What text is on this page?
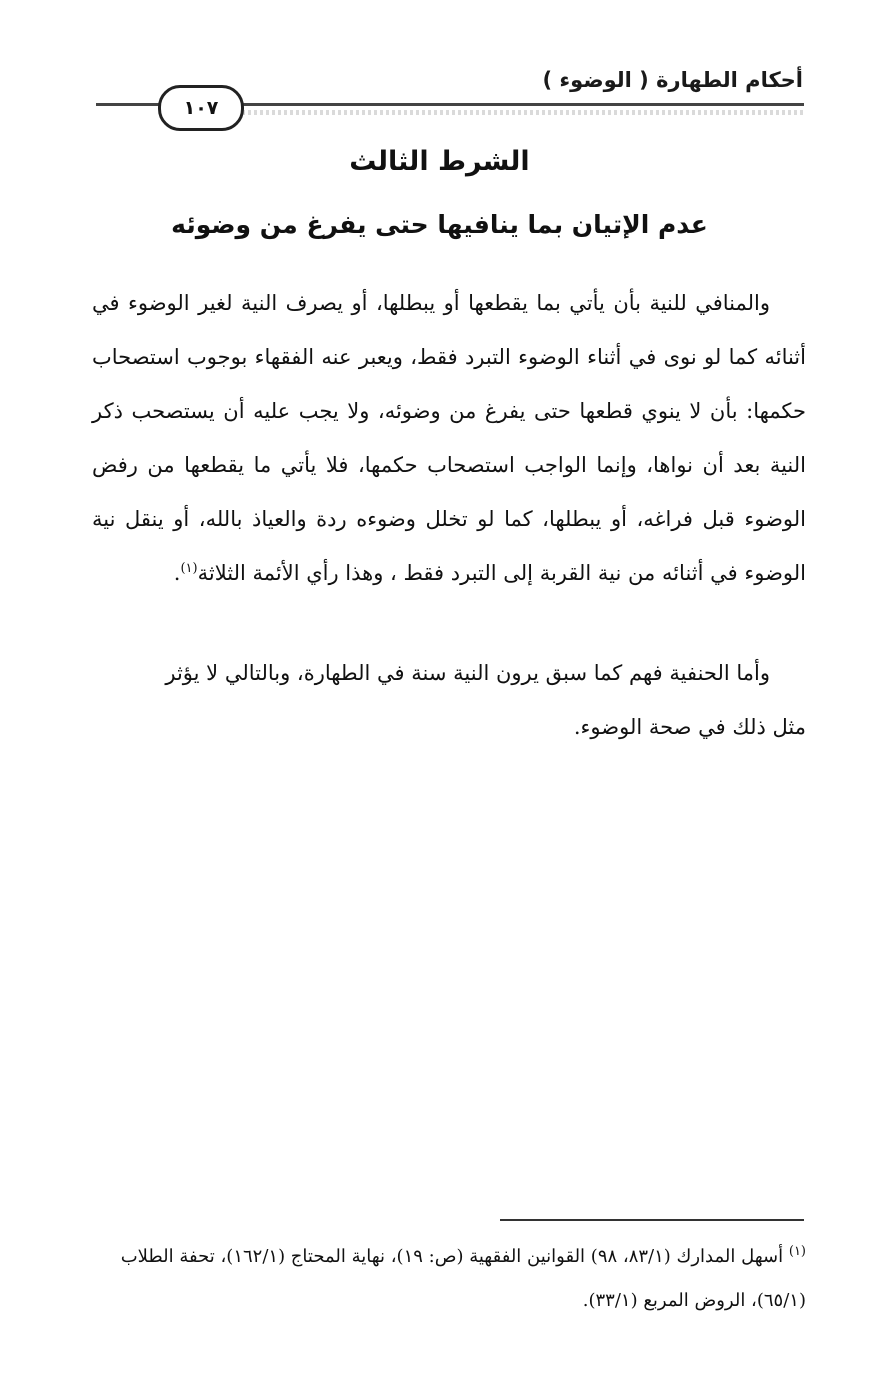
أحكام الطهارة ( الوضوء )
١٠٧
الشرط الثالث
عدم الإتيان بما ينافيها حتى يفرغ من وضوئه
والمنافي للنية بأن يأتي بما يقطعها أو يبطلها، أو يصرف النية لغير الوضوء في أثنائه كما لو نوى في أثناء الوضوء التبرد فقط، ويعبر عنه الفقهاء بوجوب استصحاب حكمها: بأن لا ينوي قطعها حتى يفرغ من وضوئه، ولا يجب عليه أن يستصحب ذكر النية بعد أن نواها، وإنما الواجب استصحاب حكمها، فلا يأتي ما يقطعها من رفض الوضوء قبل فراغه، أو يبطلها، كما لو تخلل وضوءه ردة والعياذ بالله، أو ينقل نية الوضوء في أثنائه من نية القربة إلى التبرد فقط ، وهذا رأي الأئمة الثلاثة$^{(١)}$.
وأما الحنفية فهم كما سبق يرون النية سنة في الطهارة، وبالتالي لا يؤثر
مثل ذلك في صحة الوضوء.
$^{(١)}$ أسهل المدارك (٨٣/١، ٩٨) القوانين الفقهية (ص: ١٩)، نهاية المحتاج (١٦٢/١)، تحفة الطلاب (٦٥/١)، الروض المربع (٣٣/١).
